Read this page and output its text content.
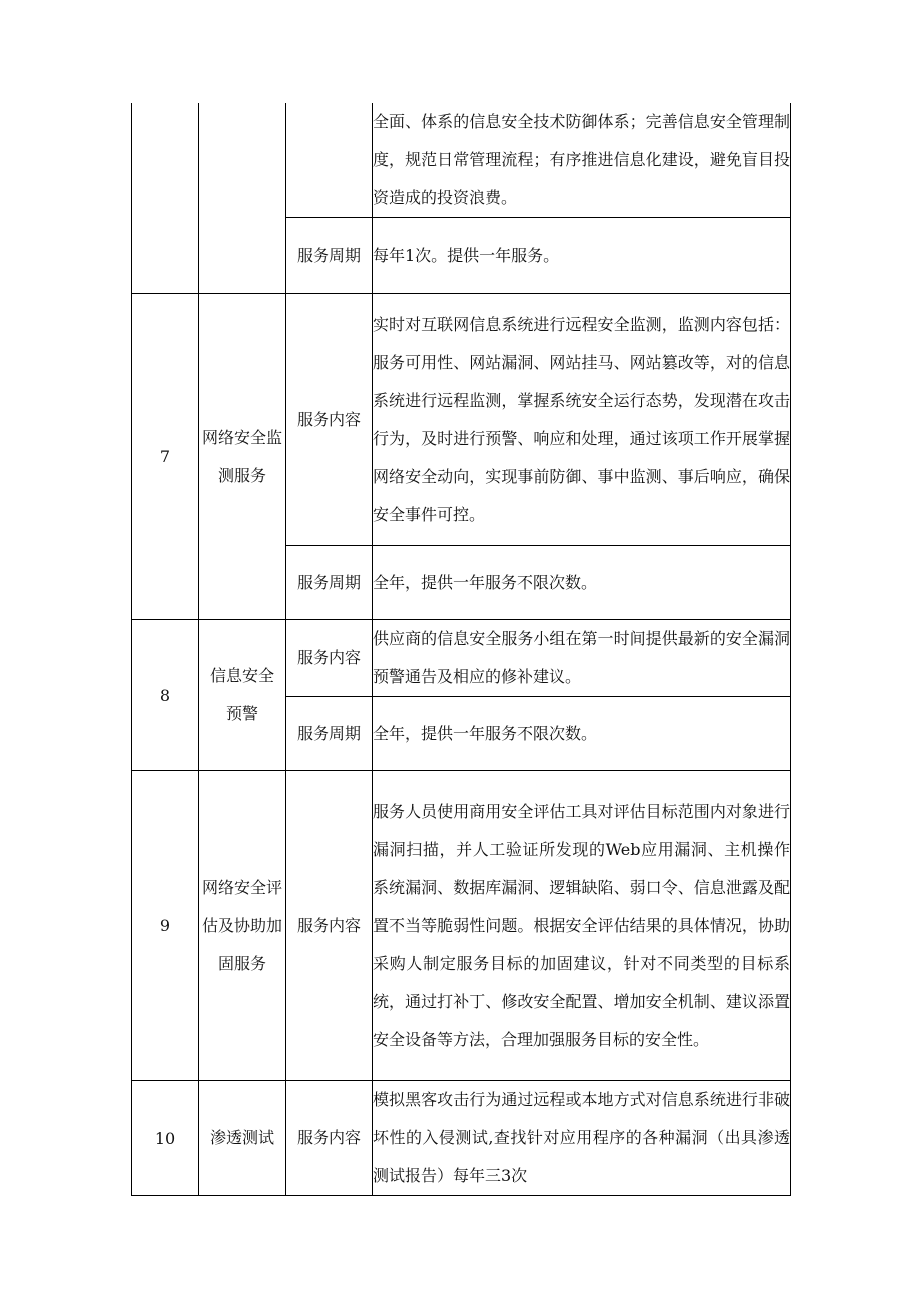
			全面、体系的信息安全技术防御体系；完善信息安全管理制度，规范日常管理流程；有序推进信息化建设，避免盲目投资造成的投资浪费。

		服务周期	每年1次。提供一年服务。

7	网络安全监测服务	服务内容	实时对互联网信息系统进行远程安全监测，监测内容包括：服务可用性、网站漏洞、网站挂马、网站篡改等，对的信息系统进行远程监测，掌握系统安全运行态势，发现潜在攻击行为，及时进行预警、响应和处理，通过该项工作开展掌握网络安全动向，实现事前防御、事中监测、事后响应，确保安全事件可控。

		服务周期	全年，提供一年服务不限次数。

8	信息安全预警	服务内容	供应商的信息安全服务小组在第一时间提供最新的安全漏洞预警通告及相应的修补建议。

		服务周期	全年，提供一年服务不限次数。

9	网络安全评估及协助加固服务	服务内容	服务人员使用商用安全评估工具对评估目标范围内对象进行漏洞扫描，并人工验证所发现的Web应用漏洞、主机操作系统漏洞、数据库漏洞、逻辑缺陷、弱口令、信息泄露及配置不当等脆弱性问题。根据安全评估结果的具体情况，协助采购人制定服务目标的加固建议，针对不同类型的目标系统，通过打补丁、修改安全配置、增加安全机制、建议添置安全设备等方法，合理加强服务目标的安全性。

10	渗透测试	服务内容	模拟黑客攻击行为通过远程或本地方式对信息系统进行非破坏性的入侵测试,查找针对应用程序的各种漏洞（出具渗透测试报告）每年三3次
